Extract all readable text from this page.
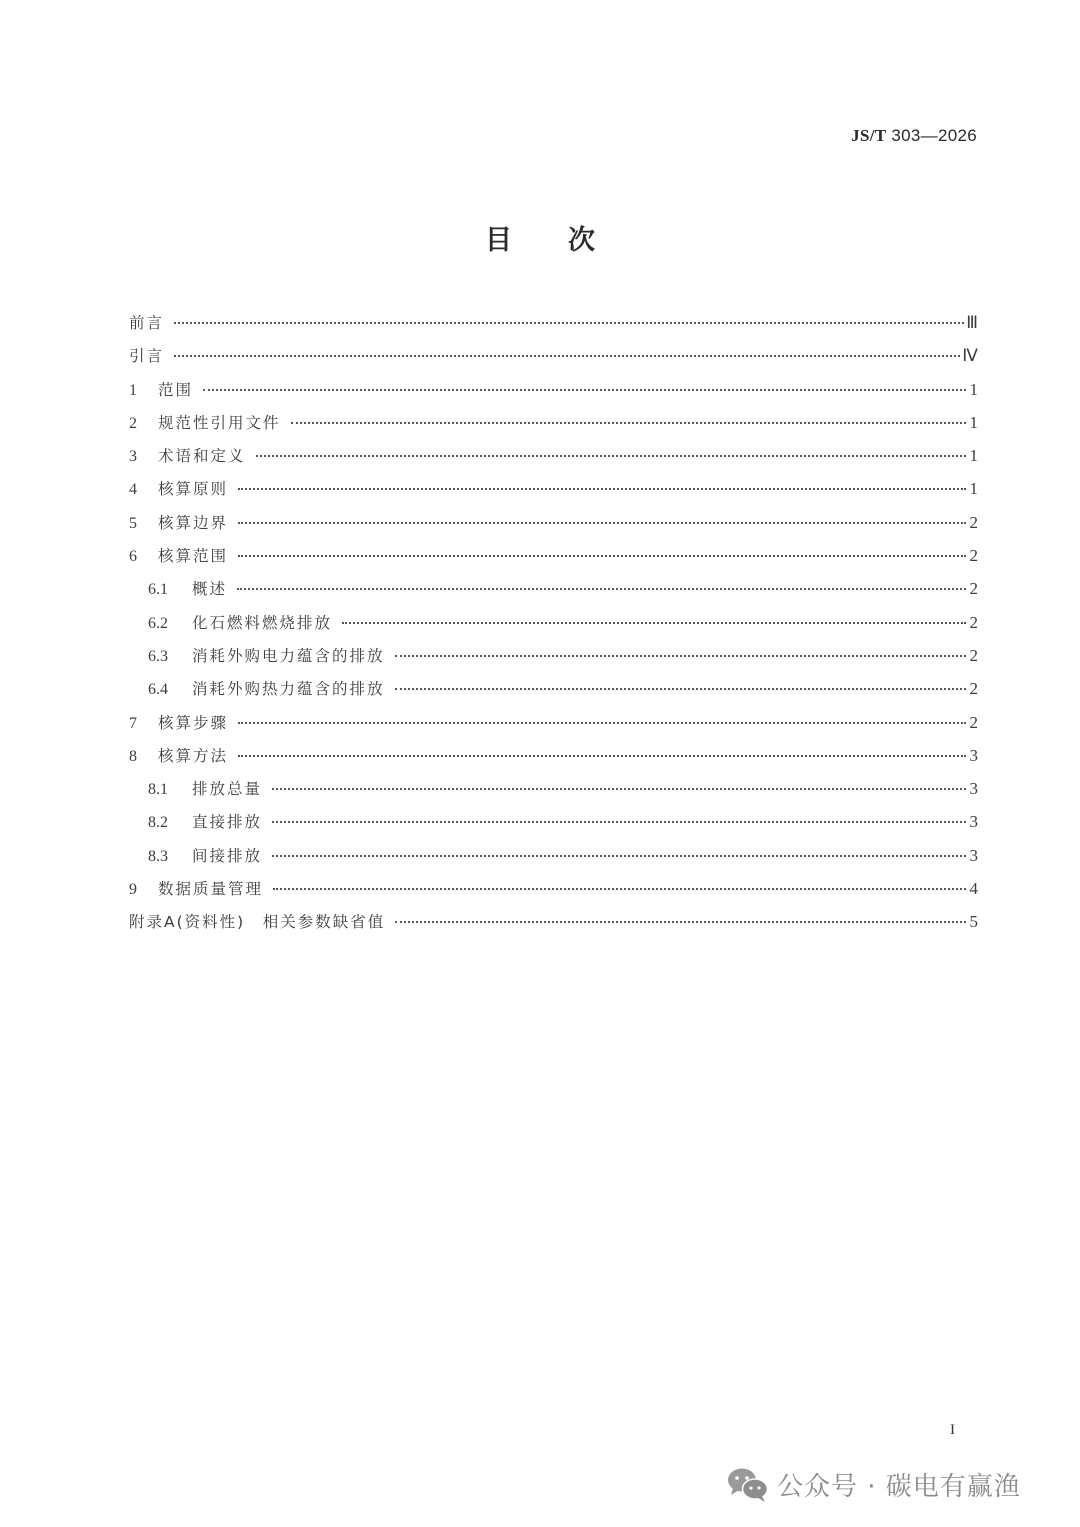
JS/T 303—2026
目次
前言	Ⅲ
引言	Ⅳ
1	范围	1
2	规范性引用文件	1
3	术语和定义	1
4	核算原则	1
5	核算边界	2
6	核算范围	2
6.1	概述	2
6.2	化石燃料燃烧排放	2
6.3	消耗外购电力蕴含的排放	2
6.4	消耗外购热力蕴含的排放	2
7	核算步骤	2
8	核算方法	3
8.1	排放总量	3
8.2	直接排放	3
8.3	间接排放	3
9	数据质量管理	4
附录A(资料性)　相关参数缺省值	5
I
公众号 · 碳电有赢渔
